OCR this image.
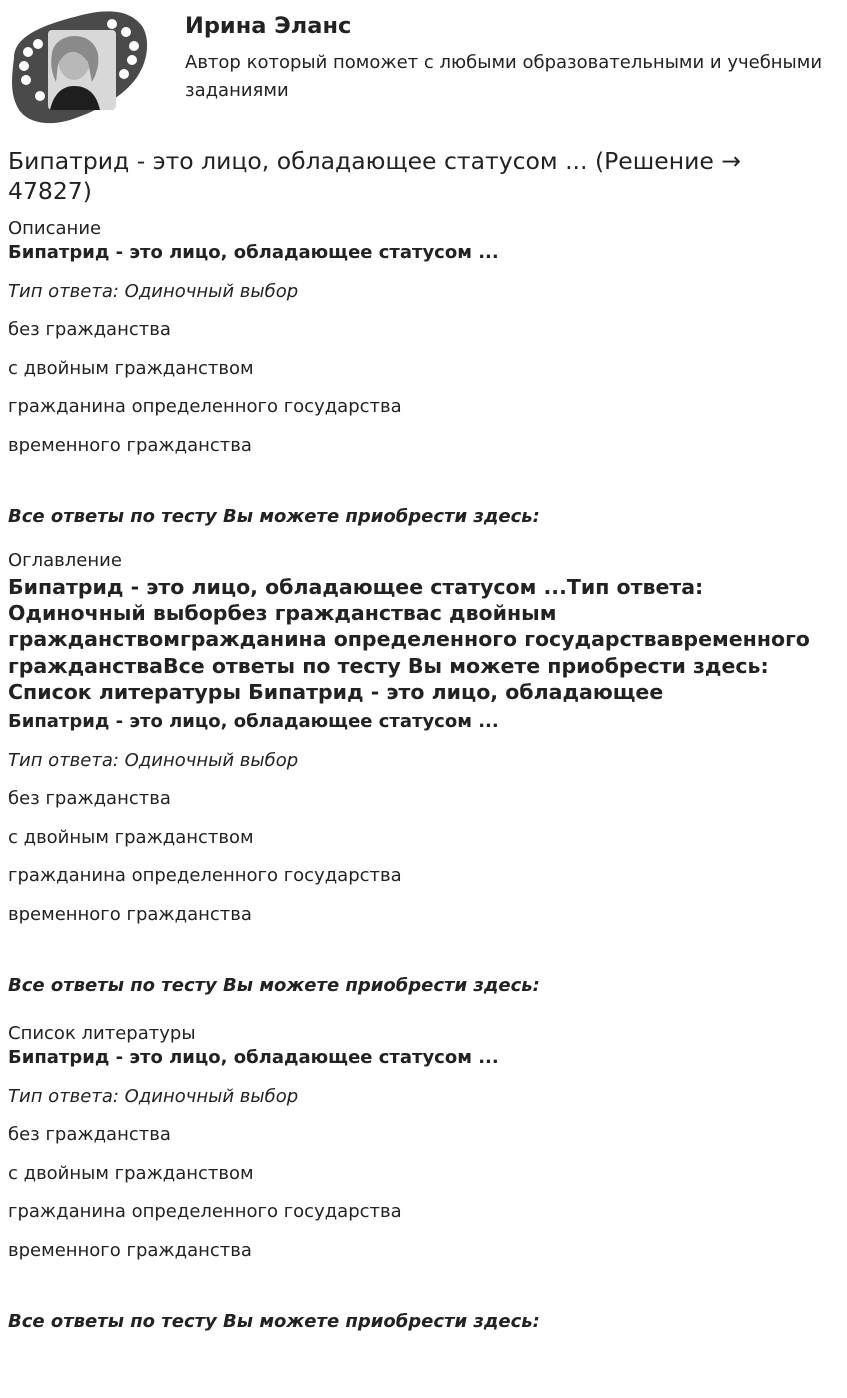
Ирина Эланс
Автор который поможет с любыми образовательными и учебными заданиями
Бипатрид - это лицо, обладающее статусом ... (Решение → 47827)
Описание
Бипатрид - это лицо, обладающее статусом ...
Тип ответа: Одиночный выбор
без гражданства
с двойным гражданством
гражданина определенного государства
временного гражданства
Все ответы по тесту Вы можете приобрести здесь:
Оглавление
Бипатрид - это лицо, обладающее статусом ...Тип ответа: Одиночный выборбез гражданствас двойным гражданствомгражданина определенного государствавременного гражданстваВсе ответы по тесту Вы можете приобрести здесь: Список литературы Бипатрид - это лицо, обладающее
Бипатрид - это лицо, обладающее статусом ...
Тип ответа: Одиночный выбор
без гражданства
с двойным гражданством
гражданина определенного государства
временного гражданства
Все ответы по тесту Вы можете приобрести здесь:
Список литературы
Бипатрид - это лицо, обладающее статусом ...
Тип ответа: Одиночный выбор
без гражданства
с двойным гражданством
гражданина определенного государства
временного гражданства
Все ответы по тесту Вы можете приобрести здесь:
